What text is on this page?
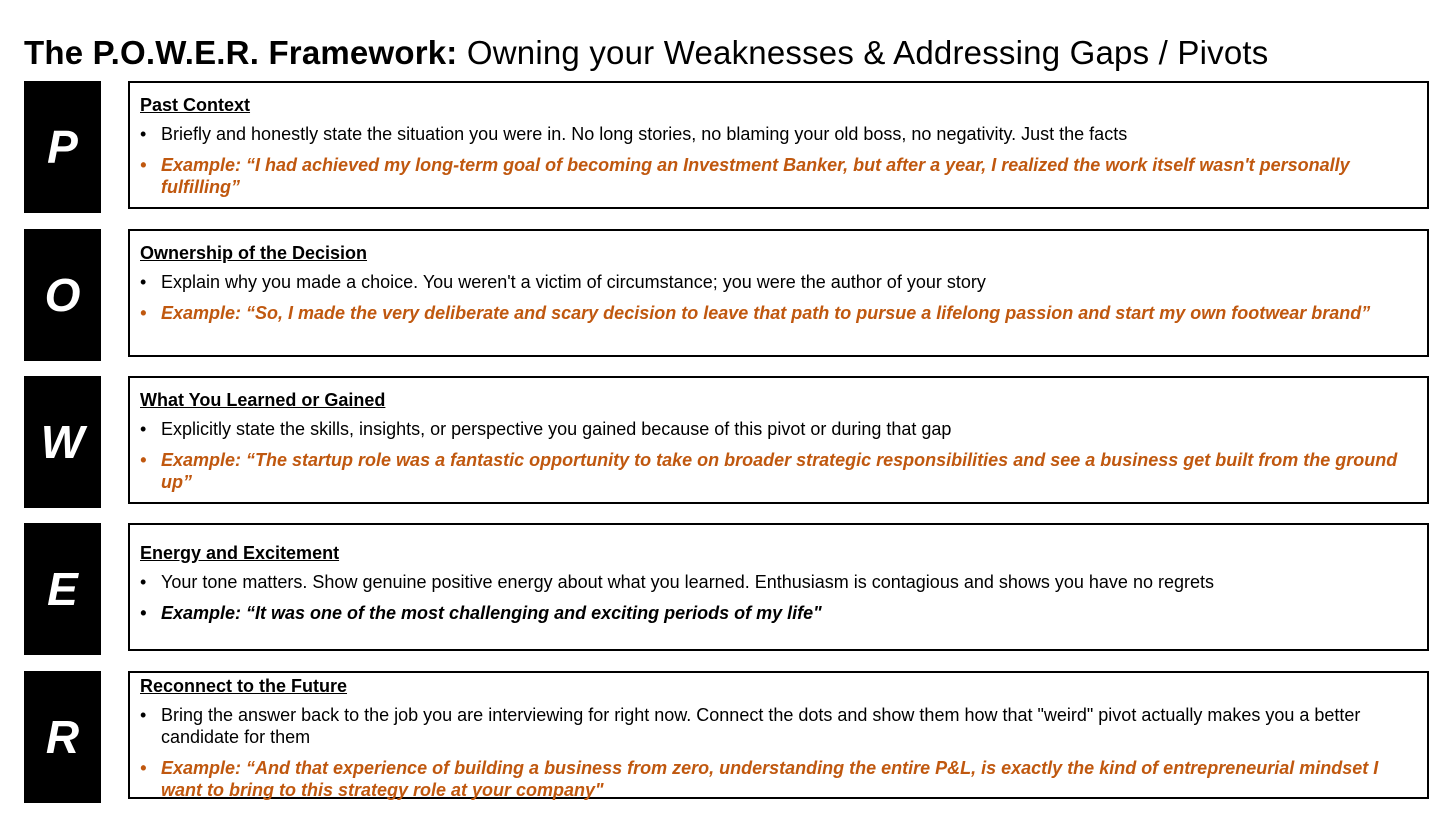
The P.O.W.E.R. Framework: Owning your Weaknesses & Addressing Gaps / Pivots
P
Past Context
• Briefly and honestly state the situation you were in. No long stories, no blaming your old boss, no negativity. Just the facts
• Example: “I had achieved my long-term goal of becoming an Investment Banker, but after a year, I realized the work itself wasn't personally fulfilling”
O
Ownership of the Decision
• Explain why you made a choice. You weren't a victim of circumstance; you were the author of your story
• Example: “So, I made the very deliberate and scary decision to leave that path to pursue a lifelong passion and start my own footwear brand”
W
What You Learned or Gained
• Explicitly state the skills, insights, or perspective you gained because of this pivot or during that gap
• Example: “The startup role was a fantastic opportunity to take on broader strategic responsibilities and see a business get built from the ground up”
E
Energy and Excitement
• Your tone matters. Show genuine positive energy about what you learned. Enthusiasm is contagious and shows you have no regrets
• Example: “It was one of the most challenging and exciting periods of my life"
R
Reconnect to the Future
• Bring the answer back to the job you are interviewing for right now. Connect the dots and show them how that "weird" pivot actually makes you a better candidate for them
• Example: “And that experience of building a business from zero, understanding the entire P&L, is exactly the kind of entrepreneurial mindset I want to bring to this strategy role at your company"
